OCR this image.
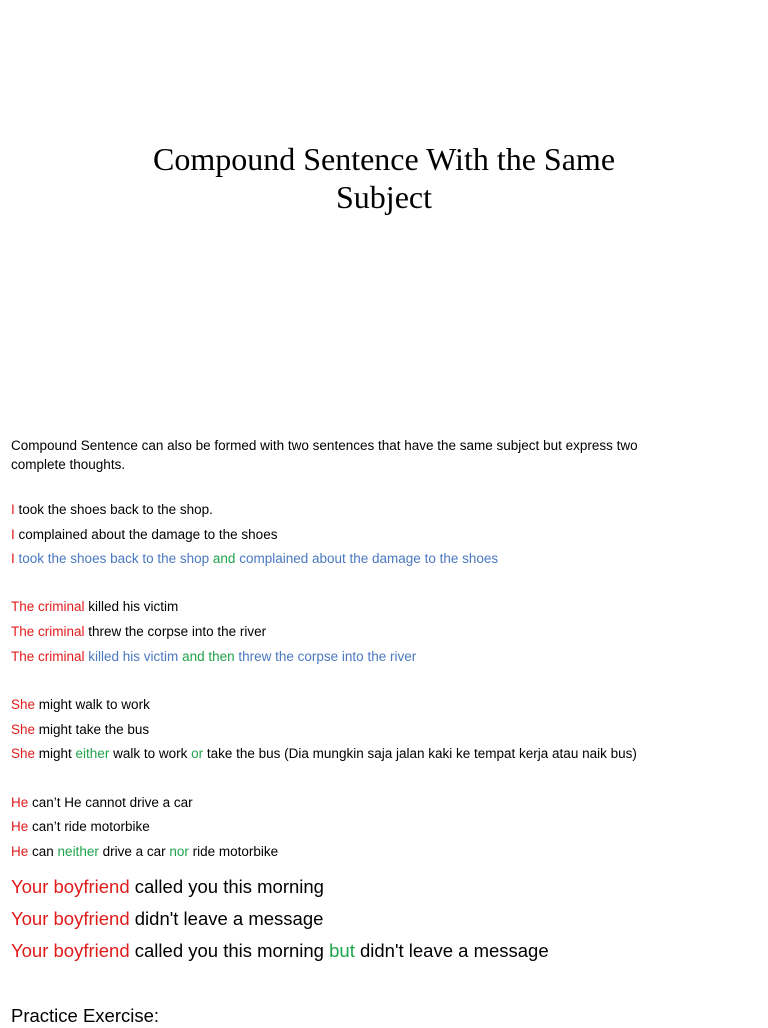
Compound Sentence With the Same
Subject
Compound Sentence can also be formed with two sentences that have the same subject but express two
complete thoughts.
I took the shoes back to the shop.
I complained about the damage to the shoes
I took the shoes back to the shop and complained about the damage to the shoes
The criminal killed his victim
The criminal threw the corpse into the river
The criminal killed his victim and then threw the corpse into the river
She might walk to work
She might take the bus
She might either walk to work or take the bus (Dia mungkin saja jalan kaki ke tempat kerja atau naik bus)
He can’t He cannot drive a car
He can’t ride motorbike
He can neither drive a car nor ride motorbike
Your boyfriend called you this morning
Your boyfriend didn't leave a message
Your boyfriend called you this morning but didn't leave a message
Practice Exercise:
